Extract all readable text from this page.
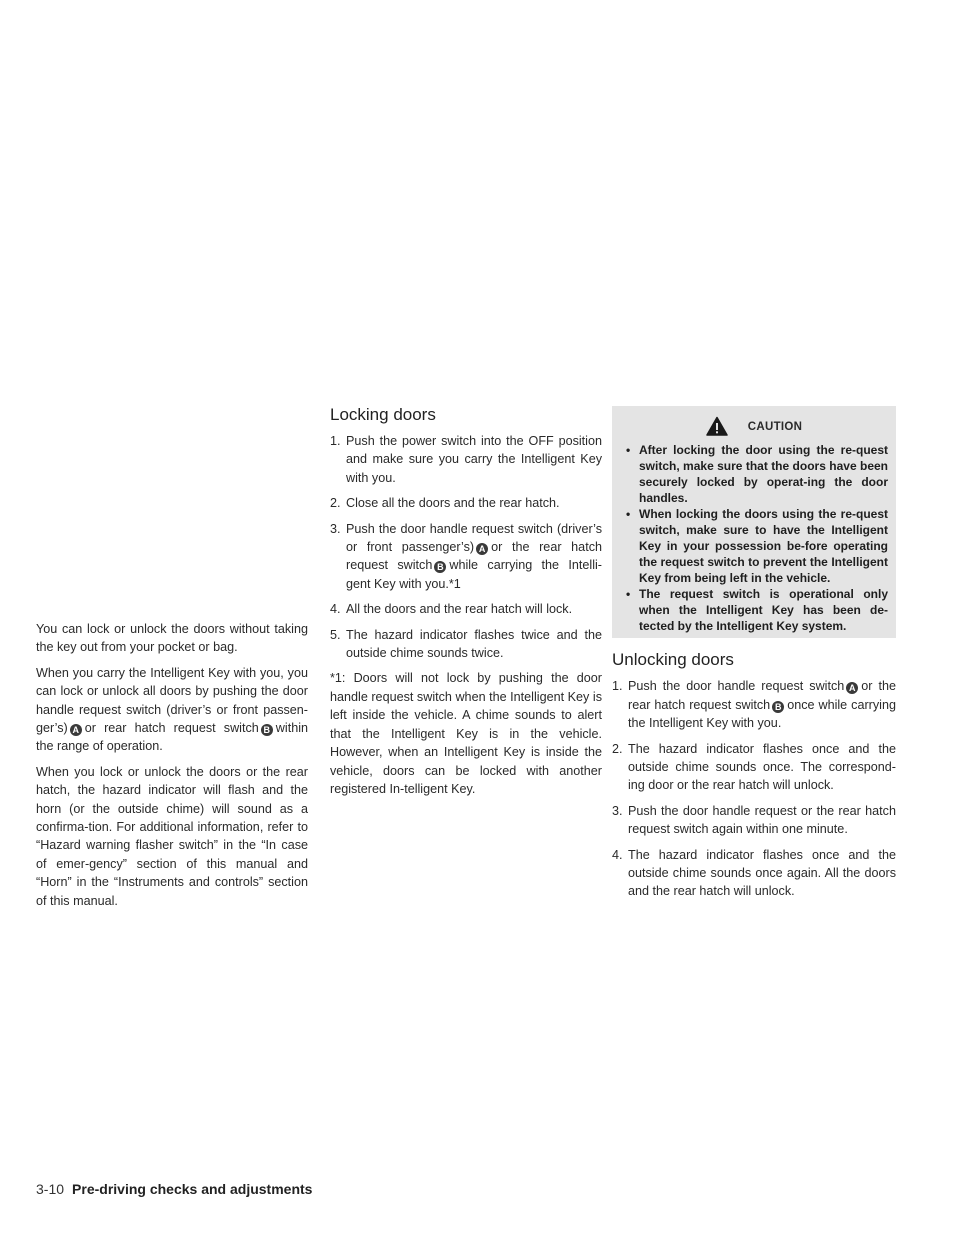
You can lock or unlock the doors without taking the key out from your pocket or bag.

When you carry the Intelligent Key with you, you can lock or unlock all doors by pushing the door handle request switch (driver’s or front passen-ger’s) A or rear hatch request switch B within the range of operation.

When you lock or unlock the doors or the rear hatch, the hazard indicator will flash and the horn (or the outside chime) will sound as a confirma-tion. For additional information, refer to “Hazard warning flasher switch” in the “In case of emer-gency” section of this manual and “Horn” in the “Instruments and controls” section of this manual.

Locking doors
1. Push the power switch into the OFF position and make sure you carry the Intelligent Key with you.
2. Close all the doors and the rear hatch.
3. Push the door handle request switch (driver’s or front passenger’s) A or the rear hatch request switch B while carrying the Intelli-gent Key with you.*1
4. All the doors and the rear hatch will lock.
5. The hazard indicator flashes twice and the outside chime sounds twice.

*1: Doors will not lock by pushing the door handle request switch when the Intelligent Key is left inside the vehicle. A chime sounds to alert that the Intelligent Key is in the vehicle. However, when an Intelligent Key is inside the vehicle, doors can be locked with another registered In-telligent Key.

CAUTION
• After locking the door using the re-quest switch, make sure that the doors have been securely locked by operat-ing the door handles.
• When locking the doors using the re-quest switch, make sure to have the Intelligent Key in your possession be-fore operating the request switch to prevent the Intelligent Key from being left in the vehicle.
• The request switch is operational only when the Intelligent Key has been de-tected by the Intelligent Key system.
Unlocking doors
1. Push the door handle request switch A or the rear hatch request switch B once while carrying the Intelligent Key with you.
2. The hazard indicator flashes once and the outside chime sounds once. The correspond-ing door or the rear hatch will unlock.
3. Push the door handle request or the rear hatch request switch again within one minute.
4. The hazard indicator flashes once and the outside chime sounds once again. All the doors and the rear hatch will unlock.
3-10 Pre-driving checks and adjustments
